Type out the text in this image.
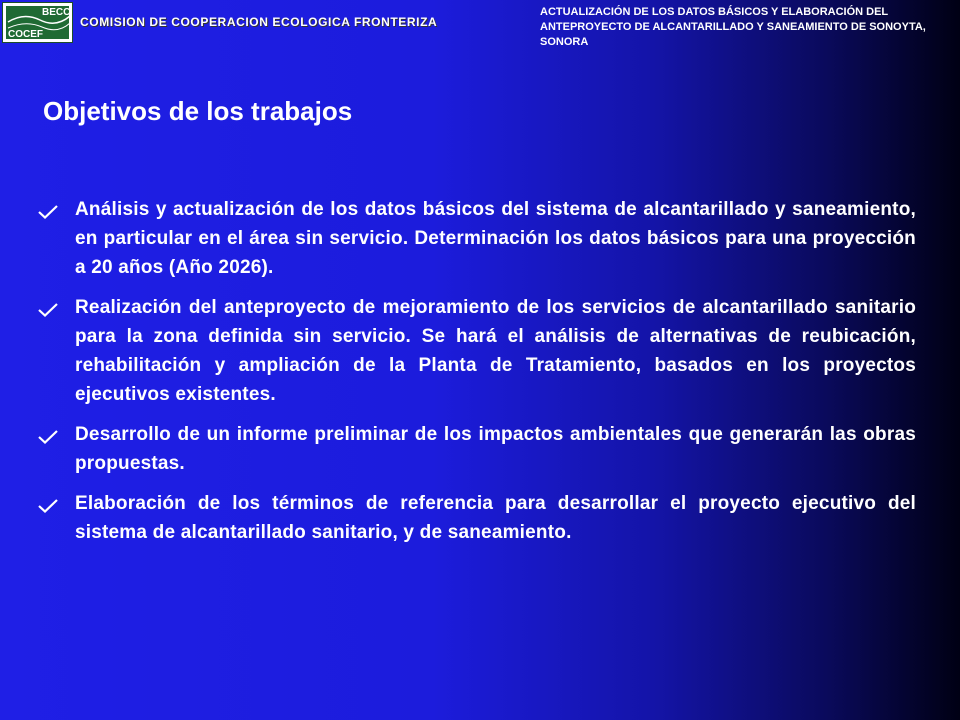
BECC
COCEF
COMISION DE COOPERACION ECOLOGICA FRONTERIZA
ACTUALIZACIÓN DE LOS DATOS BÁSICOS Y ELABORACIÓN DEL ANTEPROYECTO DE ALCANTARILLADO Y SANEAMIENTO DE SONOYTA, SONORA
Objetivos de los trabajos
Análisis y actualización de los datos básicos del sistema de alcantarillado y saneamiento, en particular en el área sin servicio. Determinación los datos básicos para una proyección a 20 años (Año 2026).
Realización del anteproyecto de mejoramiento de los servicios de alcantarillado sanitario para la zona definida sin servicio. Se hará el análisis de alternativas de reubicación, rehabilitación y ampliación de la Planta de Tratamiento, basados en los proyectos ejecutivos existentes.
Desarrollo de un informe preliminar de los impactos ambientales que generarán las obras propuestas.
Elaboración de los términos de referencia para desarrollar el proyecto ejecutivo del sistema de alcantarillado sanitario, y de saneamiento.
